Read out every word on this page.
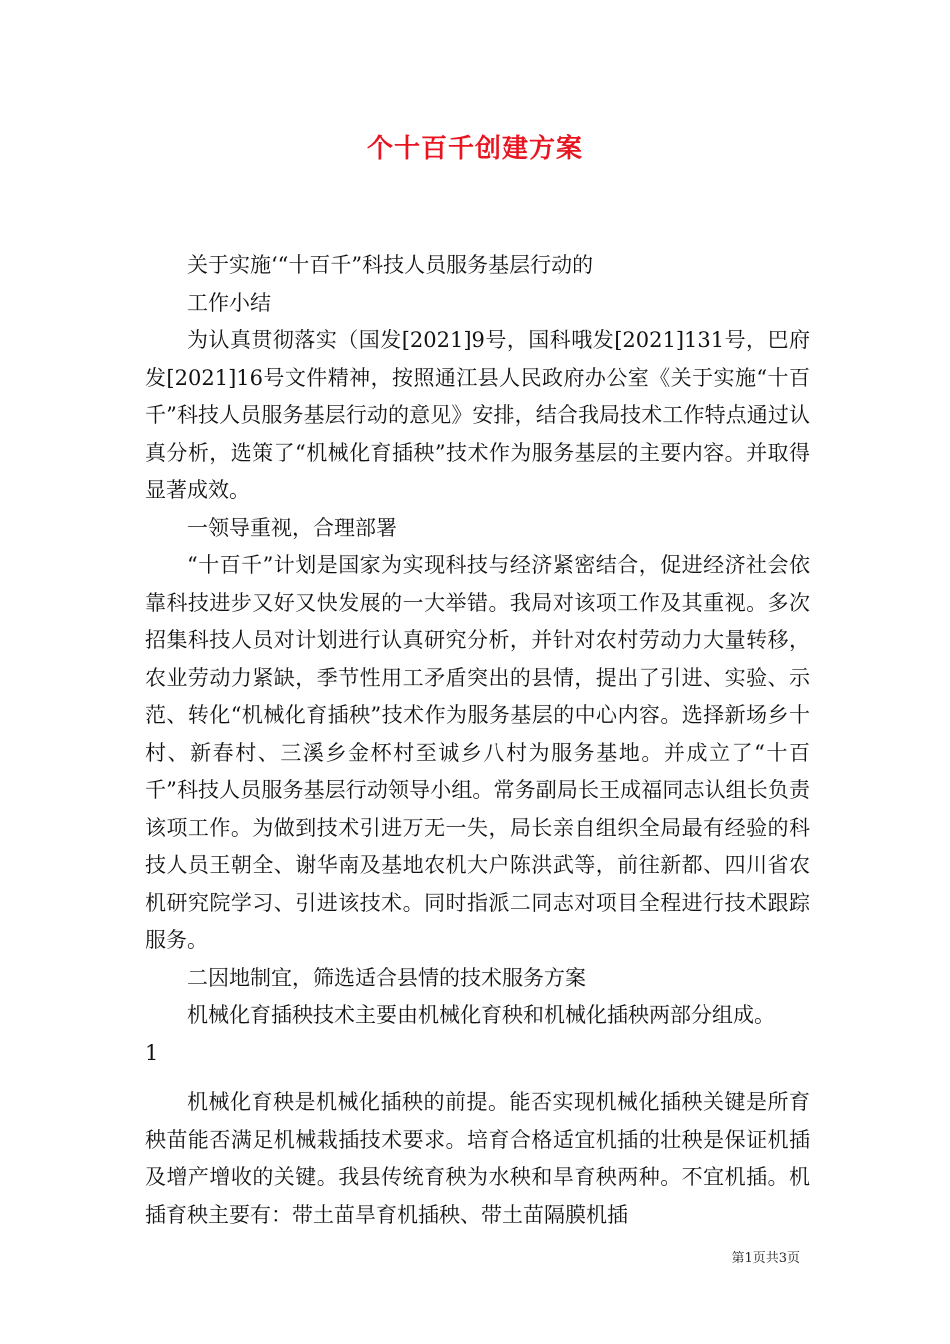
个十百千创建方案

关于实施‘“十百千”科技人员服务基层行动的

工作小结

为认真贯彻落实（国发[2021]9号，国科哦发[2021]131号，巴府发[2021]16号文件精神，按照通江县人民政府办公室《关于实施“十百千”科技人员服务基层行动的意见》安排，结合我局技术工作特点通过认真分析，选策了“机械化育插秧”技术作为服务基层的主要内容。并取得显著成效。

一领导重视，合理部署

“十百千”计划是国家为实现科技与经济紧密结合，促进经济社会依靠科技进步又好又快发展的一大举错。我局对该项工作及其重视。多次招集科技人员对计划进行认真研究分析，并针对农村劳动力大量转移，农业劳动力紧缺，季节性用工矛盾突出的县情，提出了引进、实验、示范、转化“机械化育插秧”技术作为服务基层的中心内容。选择新场乡十村、新春村、三溪乡金杯村至诚乡八村为服务基地。并成立了“十百千”科技人员服务基层行动领导小组。常务副局长王成福同志认组长负责该项工作。为做到技术引进万无一失，局长亲自组织全局最有经验的科技人员王朝全、谢华南及基地农机大户陈洪武等，前往新都、四川省农机研究院学习、引进该技术。同时指派二同志对项目全程进行技术跟踪服务。

二因地制宜，筛选适合县情的技术服务方案

机械化育插秧技术主要由机械化育秧和机械化插秧两部分组成。

1

机械化育秧是机械化插秧的前提。能否实现机械化插秧关键是所育秧苗能否满足机械栽插技术要求。培育合格适宜机插的壮秧是保证机插及增产增收的关键。我县传统育秧为水秧和旱育秧两种。不宜机插。机插育秧主要有：带土苗旱育机插秧、带土苗隔膜机插

第1页共3页
